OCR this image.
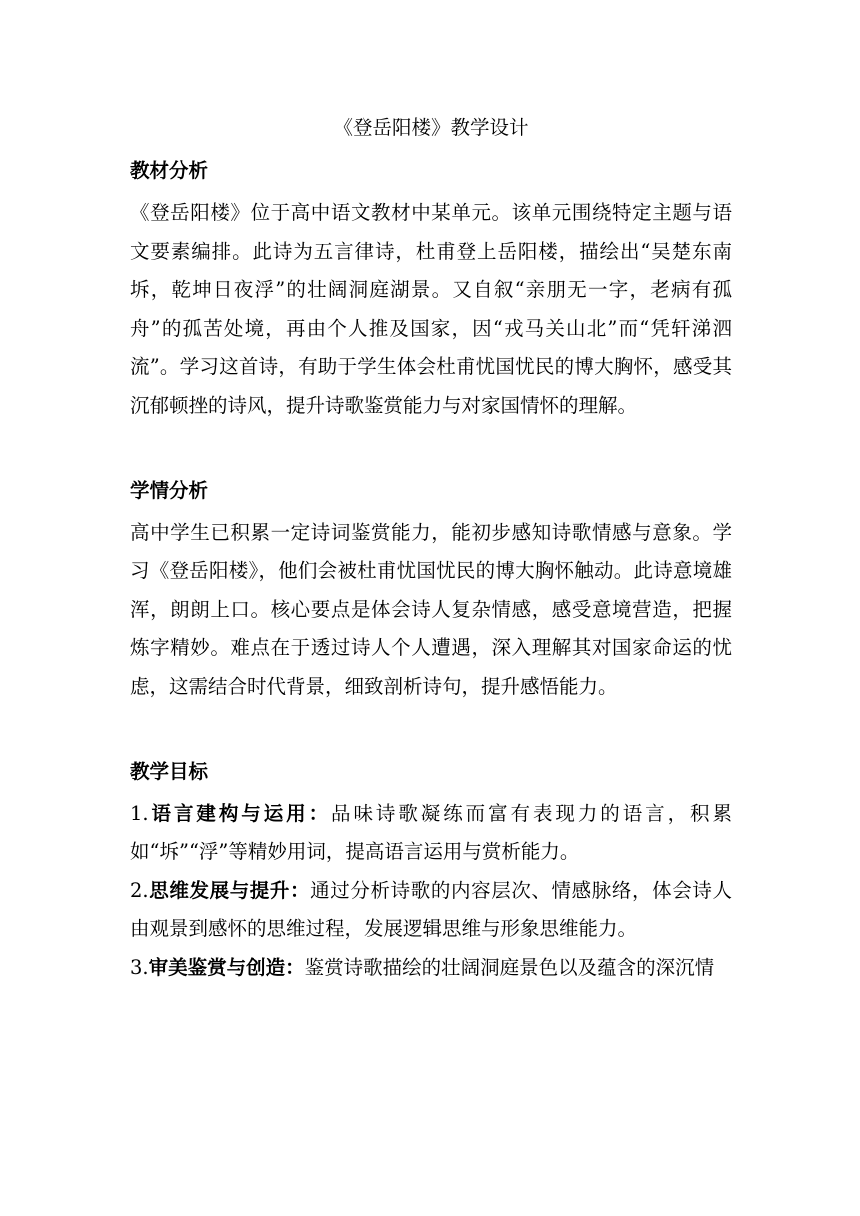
《登岳阳楼》教学设计
教材分析

《登岳阳楼》位于高中语文教材中某单元。该单元围绕特定主题与语文要素编排。此诗为五言律诗，杜甫登上岳阳楼，描绘出“吴楚东南坼，乾坤日夜浮”的壮阔洞庭湖景。又自叙“亲朋无一字，老病有孤舟”的孤苦处境，再由个人推及国家，因“戎马关山北”而“凭轩涕泗流”。学习这首诗，有助于学生体会杜甫忧国忧民的博大胸怀，感受其沉郁顿挫的诗风，提升诗歌鉴赏能力与对家国情怀的理解。

学情分析

高中学生已积累一定诗词鉴赏能力，能初步感知诗歌情感与意象。学习《登岳阳楼》，他们会被杜甫忧国忧民的博大胸怀触动。此诗意境雄浑，朗朗上口。核心要点是体会诗人复杂情感，感受意境营造，把握炼字精妙。难点在于透过诗人个人遭遇，深入理解其对国家命运的忧虑，这需结合时代背景，细致剖析诗句，提升感悟能力。

教学目标

1.语言建构与运用：品味诗歌凝练而富有表现力的语言，积累如“坼”“浮”等精妙用词，提高语言运用与赏析能力。

2.思维发展与提升：通过分析诗歌的内容层次、情感脉络，体会诗人由观景到感怀的思维过程，发展逻辑思维与形象思维能力。

3.审美鉴赏与创造：鉴赏诗歌描绘的壮阔洞庭景色以及蕴含的深沉情
